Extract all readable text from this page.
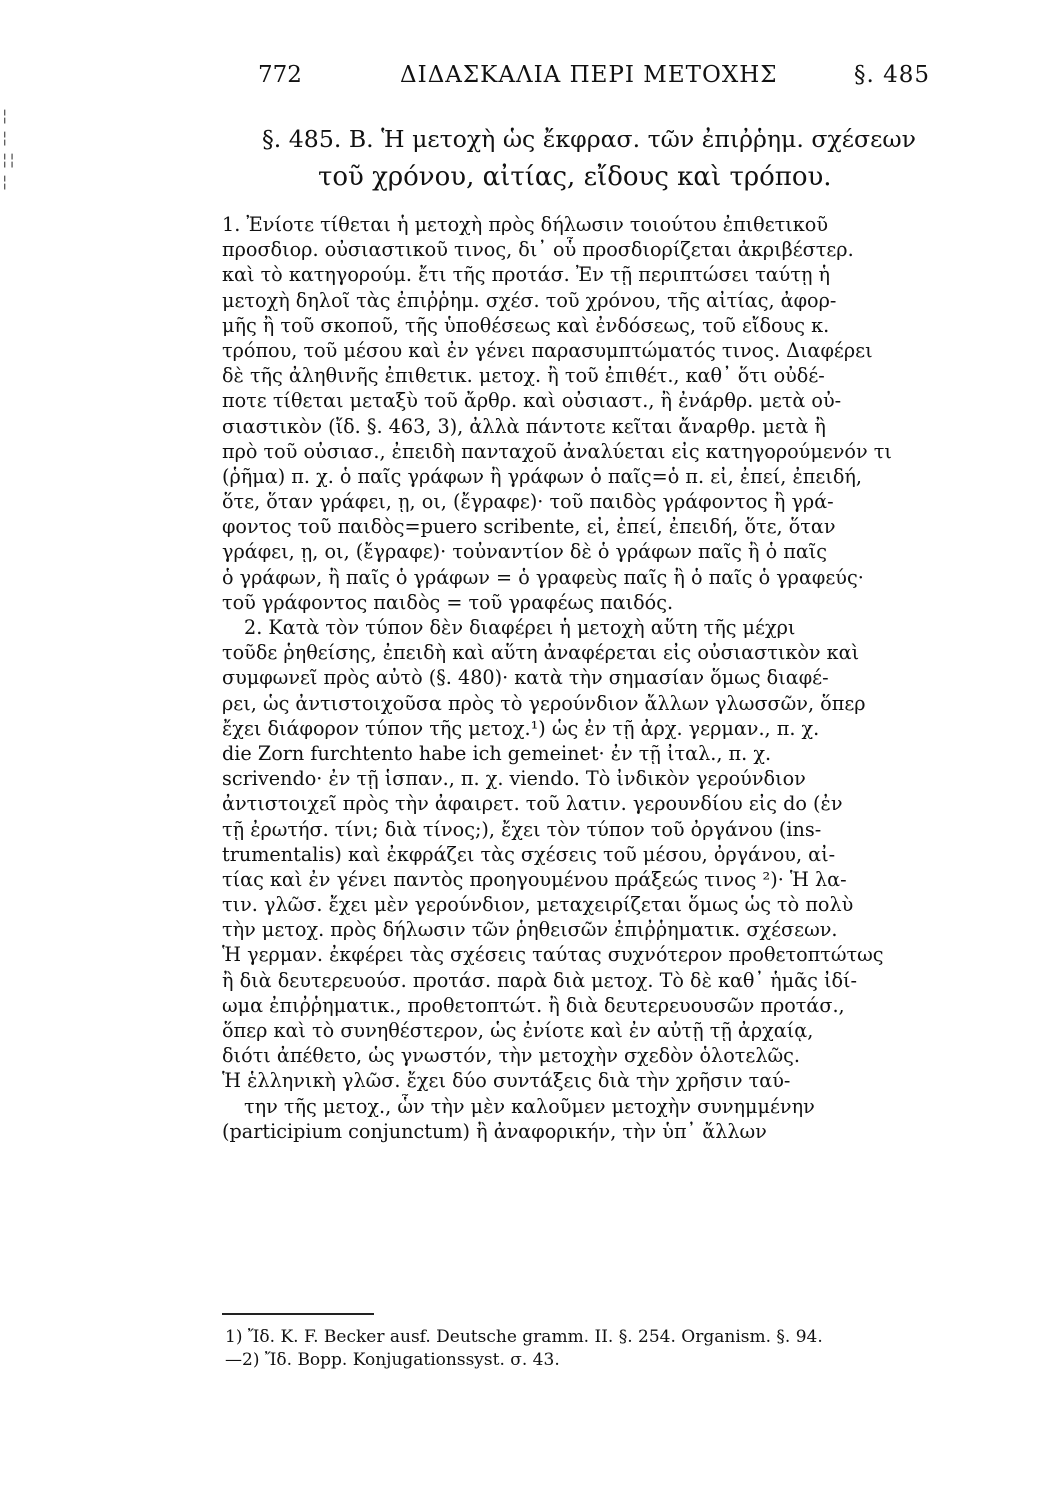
¦ ¦
¦¦ ¦
772	ΔΙΔΑΣΚΑΛΙΑ ΠΕΡΙ ΜΕΤΟΧΗΣ	§. 485
§. 485. Β. Ἡ μετοχὴ ὡς ἔκφρασ. τῶν ἐπιῤῥημ. σχέσεων
τοῦ χρόνου, αἰτίας, εἴδους καὶ τρόπου.
1. Ἐνίοτε τίθεται ἡ μετοχὴ πρὸς δήλωσιν τοιούτου ἐπιθετικοῦ
προσδιορ. οὐσιαστικοῦ τινος, δι᾿ οὗ προσδιορίζεται ἀκριβέστερ.
καὶ τὸ κατηγορούμ. ἔτι τῆς προτάσ. Ἐν τῇ περιπτώσει ταύτῃ ἡ
μετοχὴ δηλοῖ τὰς ἐπιῤῥημ. σχέσ. τοῦ χρόνου, τῆς αἰτίας, ἀφορ-
μῆς ἢ τοῦ σκοποῦ, τῆς ὑποθέσεως καὶ ἐνδόσεως, τοῦ εἴδους κ.
τρόπου, τοῦ μέσου καὶ ἐν γένει παρασυμπτώματός τινος. Διαφέρει
δὲ τῆς ἀληθινῆς ἐπιθετικ. μετοχ. ἢ τοῦ ἐπιθέτ., καθ᾿ ὅτι οὐδέ-
ποτε τίθεται μεταξὺ τοῦ ἄρθρ. καὶ οὐσιαστ., ἢ ἐνάρθρ. μετὰ οὐ-
σιαστικὸν (ἴδ. §. 463, 3), ἀλλὰ πάντοτε κεῖται ἄναρθρ. μετὰ ἢ
πρὸ τοῦ οὐσιασ., ἐπειδὴ πανταχοῦ ἀναλύεται εἰς κατηγορούμενόν τι
(ῥῆμα) π. χ. ὁ παῖς γράφων ἢ γράφων ὁ παῖς=ὁ π. εἰ, ἐπεί, ἐπειδή,
ὅτε, ὅταν γράφει, ῃ, οι, (ἔγραφε)· τοῦ παιδὸς γράφοντος ἢ γρά-
φοντος τοῦ παιδὸς=puero scribente, εἰ, ἐπεί, ἐπειδή, ὅτε, ὅταν
γράφει, ῃ, οι, (ἔγραφε)· τοὐναντίον δὲ ὁ γράφων παῖς ἢ ὁ παῖς
ὁ γράφων, ἢ παῖς ὁ γράφων = ὁ γραφεὺς παῖς ἢ ὁ παῖς ὁ γραφεύς·
τοῦ γράφοντος παιδὸς = τοῦ γραφέως παιδός.
2. Κατὰ τὸν τύπον δὲν διαφέρει ἡ μετοχὴ αὕτη τῆς μέχρι
τοῦδε ῥηθείσης, ἐπειδὴ καὶ αὕτη ἀναφέρεται εἰς οὐσιαστικὸν καὶ
συμφωνεῖ πρὸς αὐτὸ (§. 480)· κατὰ τὴν σημασίαν ὅμως διαφέ-
ρει, ὡς ἀντιστοιχοῦσα πρὸς τὸ γερούνδιον ἄλλων γλωσσῶν, ὅπερ
ἔχει διάφορον τύπον τῆς μετοχ.¹) ὡς ἐν τῇ ἀρχ. γερμαν., π. χ.
die Zorn furchtento habe ich gemeinet· ἐν τῇ ἰταλ., π. χ.
scrivendo· ἐν τῇ ἱσπαν., π. χ. viendo. Τὸ ἰνδικὸν γερούνδιον
ἀντιστοιχεῖ πρὸς τὴν ἀφαιρετ. τοῦ λατιν. γερουνδίου εἰς do (ἐν
τῇ ἐρωτήσ. τίνι; διὰ τίνος;), ἔχει τὸν τύπον τοῦ ὀργάνου (ins-
trumentalis) καὶ ἐκφράζει τὰς σχέσεις τοῦ μέσου, ὀργάνου, αἰ-
τίας καὶ ἐν γένει παντὸς προηγουμένου πράξεώς τινος ²)· Ἡ λα-
τιν. γλῶσ. ἔχει μὲν γερούνδιον, μεταχειρίζεται ὅμως ὡς τὸ πολὺ
τὴν μετοχ. πρὸς δήλωσιν τῶν ῥηθεισῶν ἐπιῤῥηματικ. σχέσεων.
Ἡ γερμαν. ἐκφέρει τὰς σχέσεις ταύτας συχνότερον προθετοπτώτως
ἢ διὰ δευτερευούσ. προτάσ. παρὰ διὰ μετοχ. Τὸ δὲ καθ᾿ ἡμᾶς ἰδί-
ωμα ἐπιῤῥηματικ., προθετοπτώτ. ἢ διὰ δευτερευουσῶν προτάσ.,
ὅπερ καὶ τὸ συνηθέστερον, ὡς ἐνίοτε καὶ ἐν αὐτῇ τῇ ἀρχαίᾳ,
διότι ἀπέθετο, ὡς γνωστόν, τὴν μετοχὴν σχεδὸν ὁλοτελῶς.
Ἡ ἑλληνικὴ γλῶσ. ἔχει δύο συντάξεις διὰ τὴν χρῆσιν ταύ-
την τῆς μετοχ., ὧν τὴν μὲν καλοῦμεν μετοχὴν συνημμένην
(participium conjunctum) ἢ ἀναφορικήν, τὴν ὑπ᾿ ἄλλων
1) Ἴδ. K. F. Becker ausf. Deutsche gramm. II. §. 254. Organism. §. 94.
—2) Ἴδ. Bopp. Konjugationssyst. σ. 43.
